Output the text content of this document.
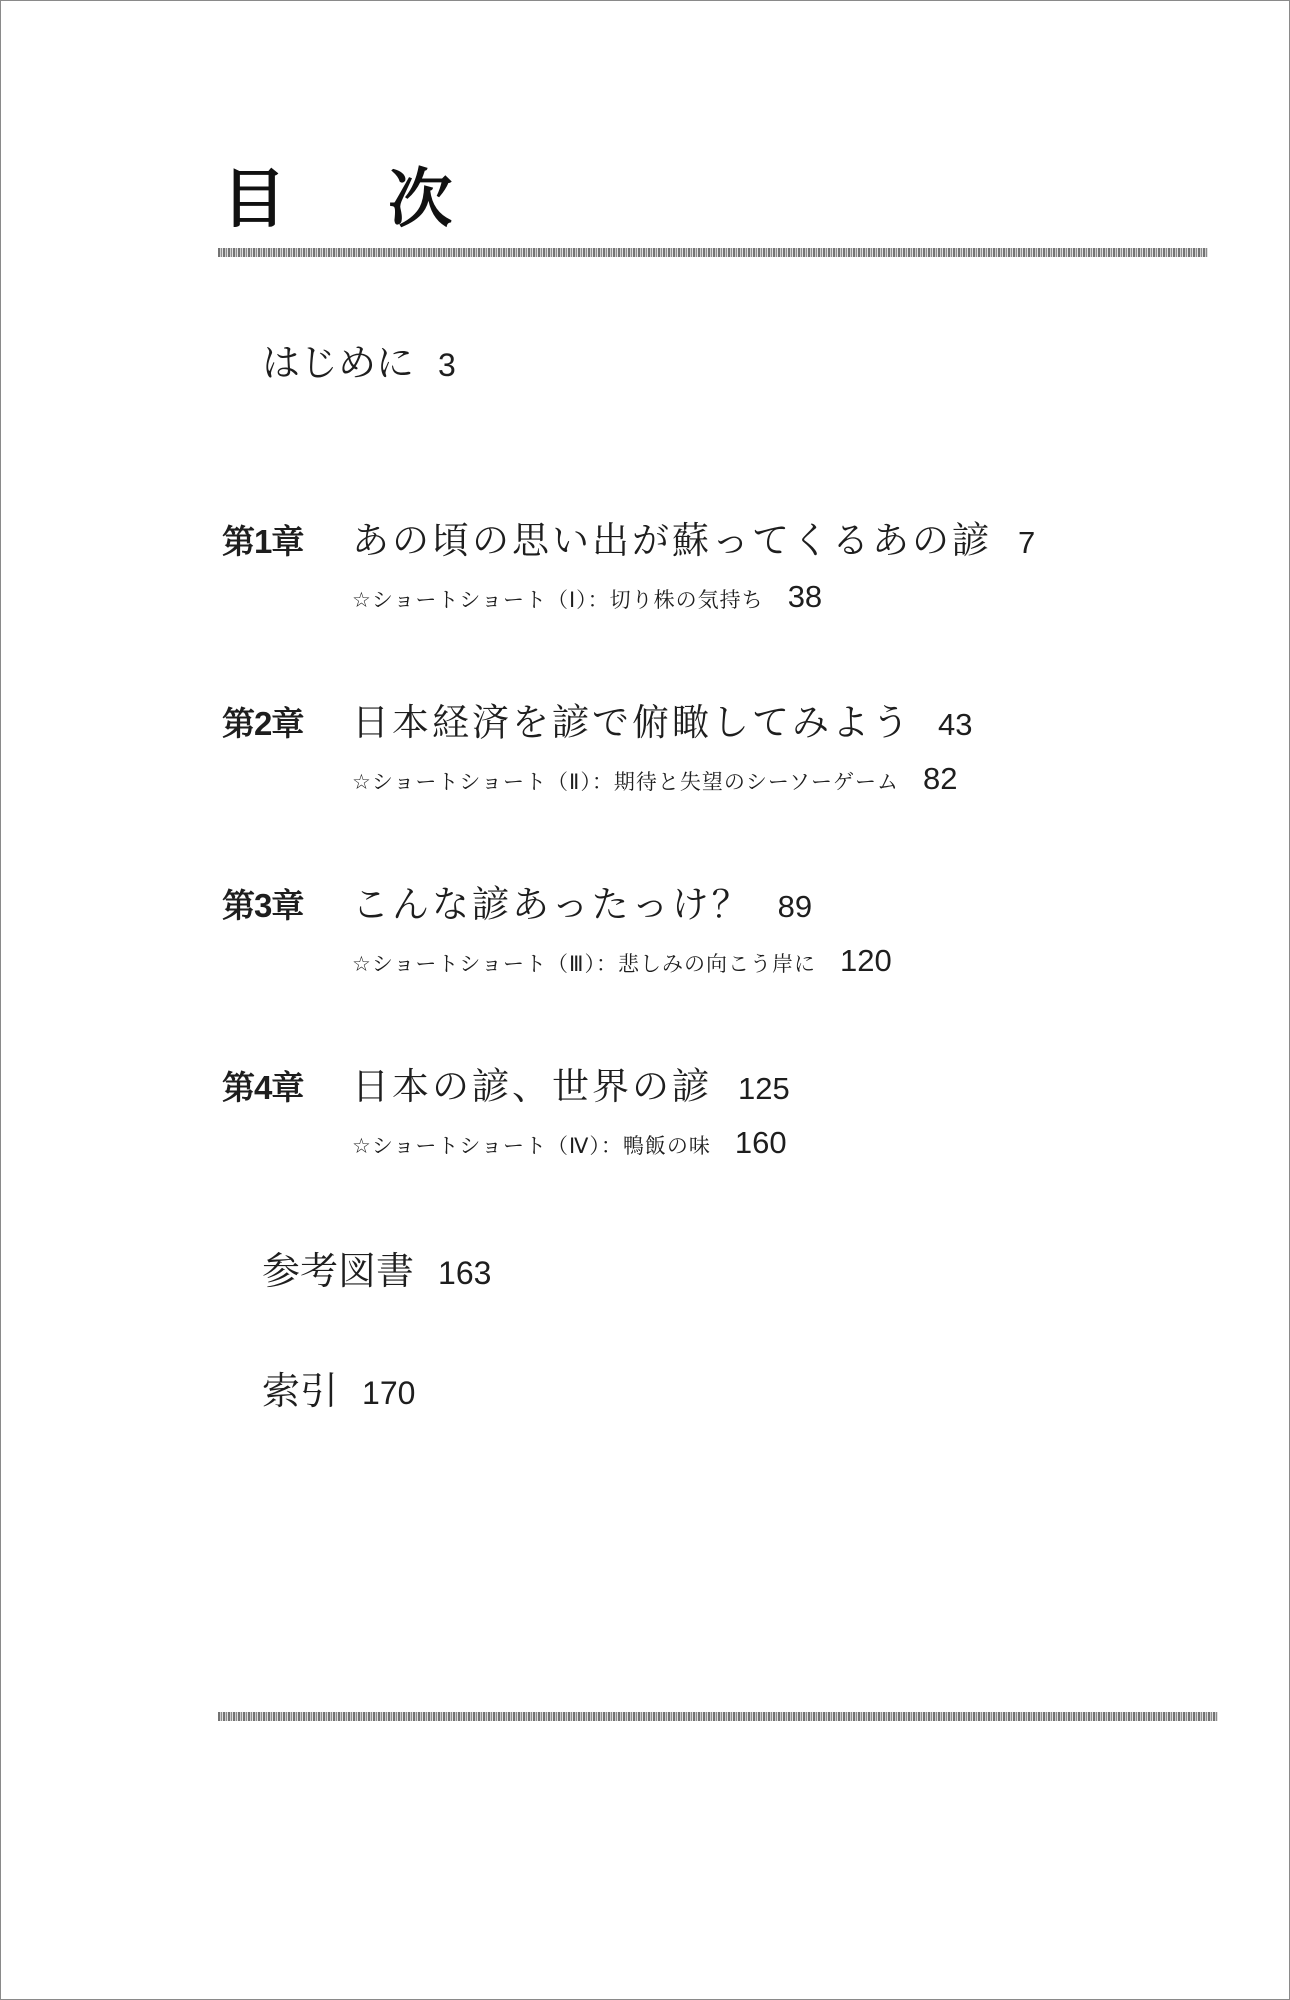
目 次
はじめに 3
第1章	あの頃の思い出が蘇ってくるあの諺 7
☆ショートショート（Ⅰ）：切り株の気持ち 38
第2章	日本経済を諺で俯瞰してみよう 43
☆ショートショート（Ⅱ）：期待と失望のシーソーゲーム 82
第3章	こんな諺あったっけ？ 89
☆ショートショート（Ⅲ）：悲しみの向こう岸に 120
第4章	日本の諺、世界の諺 125
☆ショートショート（Ⅳ）：鴨飯の味 160
参考図書 163
索引 170
